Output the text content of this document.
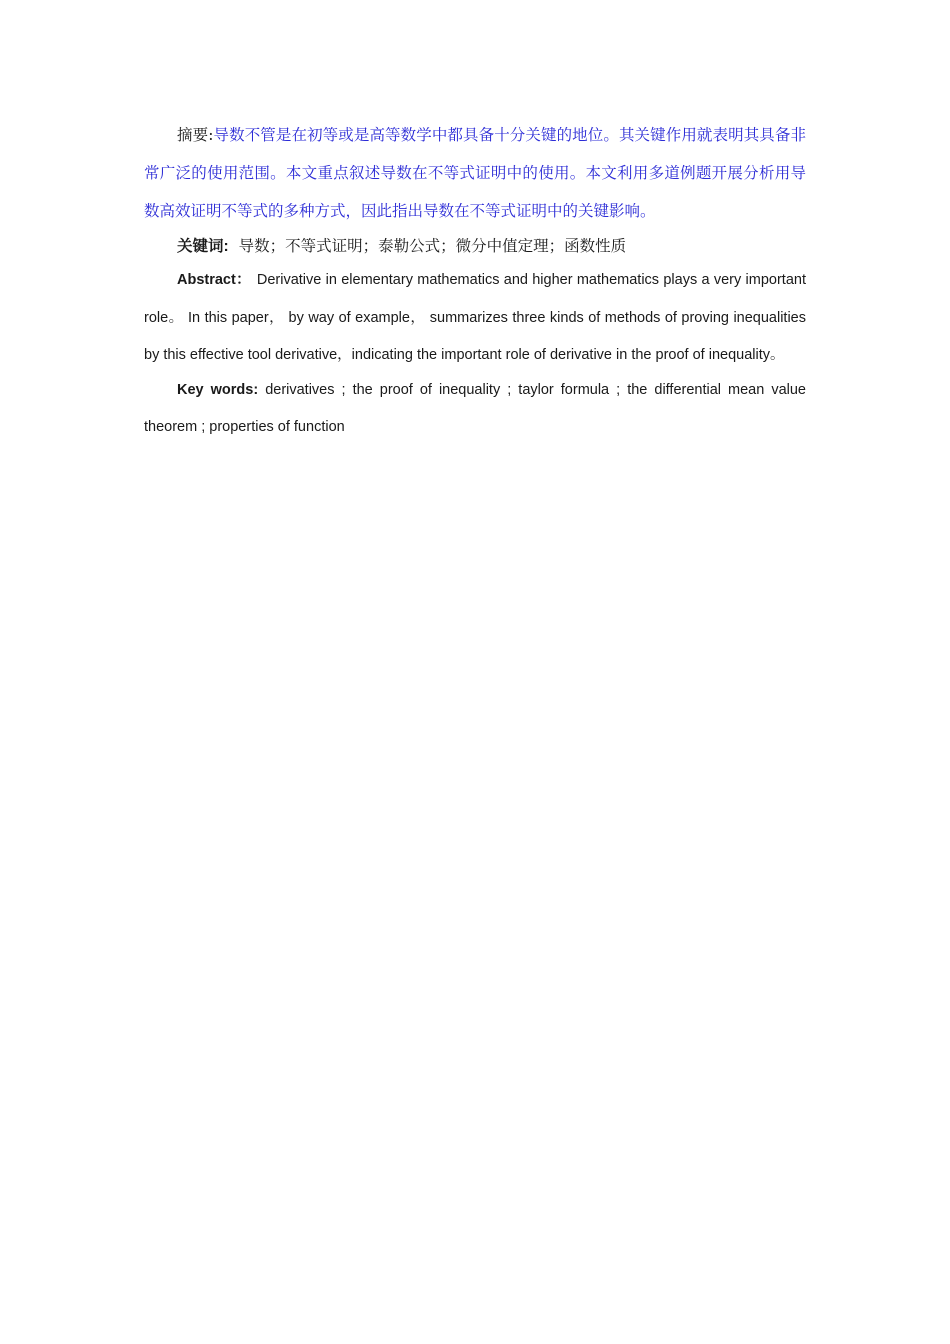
摘要:导数不管是在初等或是高等数学中都具备十分关键的地位。其关键作用就表明其具备非常广泛的使用范围。本文重点叙述导数在不等式证明中的使用。本文利用多道例题开展分析用导数高效证明不等式的多种方式，因此指出导数在不等式证明中的关键影响。

关键词: 导数；不等式证明；泰勒公式；微分中值定理；函数性质

Abstract： Derivative in elementary mathematics and higher mathematics plays a very important role。 In this paper， by way of example， summarizes three kinds of methods of proving inequalities by this effective tool derivative，indicating the important role of derivative in the proof of inequality。

Key words: derivatives ; the proof of inequality ; taylor formula ; the differential mean value theorem ; properties of function
